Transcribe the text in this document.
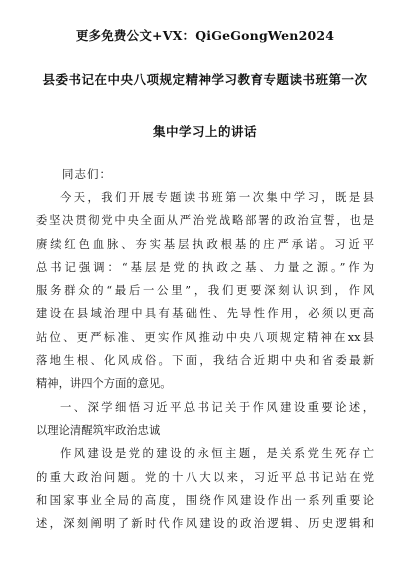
更多免费公文+VX：QiGeGongWen2024
县委书记在中央八项规定精神学习教育专题读书班第一次
集中学习上的讲话
同志们：
今天，我们开展专题读书班第一次集中学习，既是县
委坚决贯彻党中央全面从严治党战略部署的政治宣誓，也是
赓续红色血脉、夯实基层执政根基的庄严承诺。习近平
总书记强调：“基层是党的执政之基、力量之源。”作为
服务群众的“最后一公里”，我们更要深刻认识到，作风
建设在县域治理中具有基础性、先导性作用，必须以更高
站位、更严标准、更实作风推动中央八项规定精神在xx县
落地生根、化风成俗。下面，我结合近期中央和省委最新
精神，讲四个方面的意见。
一、深学细悟习近平总书记关于作风建设重要论述，
以理论清醒筑牢政治忠诚
作风建设是党的建设的永恒主题，是关系党生死存亡
的重大政治问题。党的十八大以来，习近平总书记站在党
和国家事业全局的高度，围绕作风建设作出一系列重要论
述，深刻阐明了新时代作风建设的政治逻辑、历史逻辑和
